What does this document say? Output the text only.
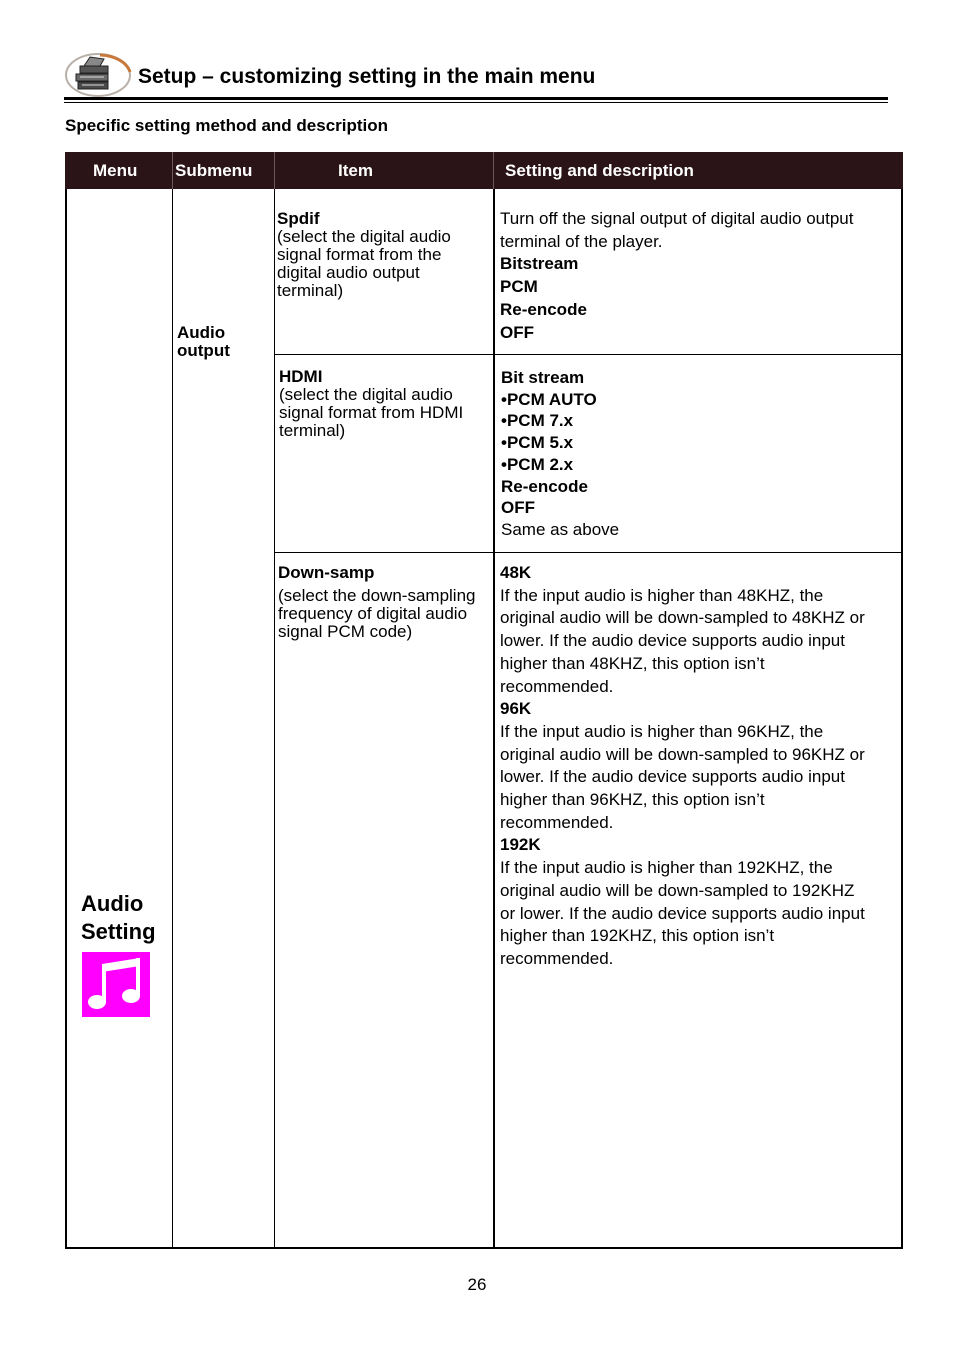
Setup – customizing setting in the main menu
Specific setting method and description
Menu Submenu	Item	Setting and description
Audio
Setting
Audio
output
Spdif
(select the digital audio
signal format from the
digital audio output
terminal)
Turn off the signal output of digital audio output
terminal of the player.
Bitstream
PCM
Re-encode
OFF
HDMI
(select the digital audio
signal format from HDMI
terminal)
Bit stream
•PCM AUTO
•PCM 7.x
•PCM 5.x
•PCM 2.x
Re-encode
OFF
Same as above
Down-samp
(select the down-sampling
frequency of digital audio
signal PCM code)
48K
If the input audio is higher than 48KHZ, the
original audio will be down-sampled to 48KHZ or
lower. If the audio device supports audio input
higher than 48KHZ, this option isn’t
recommended.
96K
If the input audio is higher than 96KHZ, the
original audio will be down-sampled to 96KHZ or
lower. If the audio device supports audio input
higher than 96KHZ, this option isn’t
recommended.
192K
If the input audio is higher than 192KHZ, the
original audio will be down-sampled to 192KHZ
or lower. If the audio device supports audio input
higher than 192KHZ, this option isn’t
recommended.
26
